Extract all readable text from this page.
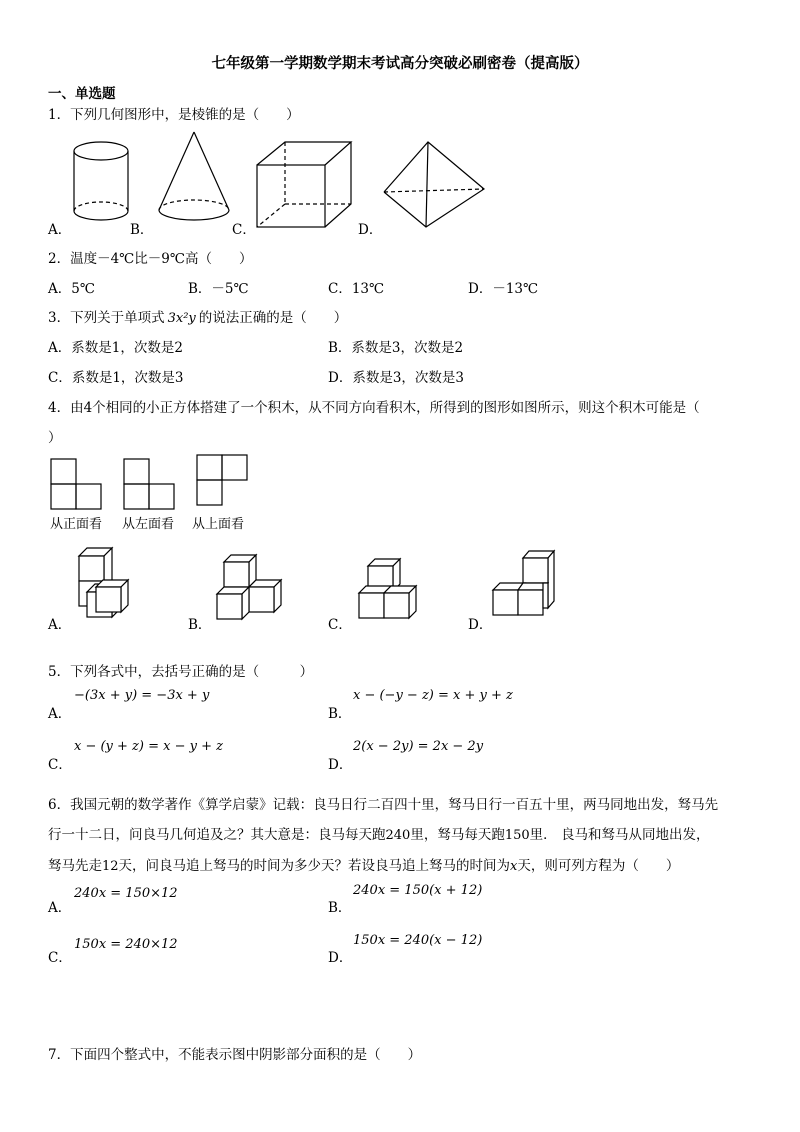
七年级第一学期数学期末考试高分突破必刷密卷（提高版）
一、单选题
1．下列几何图形中，是棱锥的是（　　）
A．	B．	C．	D．
2．温度－4℃比－9℃高（　　）
A．5℃	B．－5℃	C．13℃	D．－13℃
3．下列关于单项式 3x²y 的说法正确的是（　　）
A．系数是1，次数是2	B．系数是3，次数是2
C．系数是1，次数是3	D．系数是3，次数是3
4．由4个相同的小正方体搭建了一个积木，从不同方向看积木，所得到的图形如图所示，则这个积木可能是（
）
从正面看 从左面看 从上面看
A．	B．	C．	D．
5．下列各式中，去括号正确的是（　　　）
A．
−(3x + y) = −3x + y
B．
x − (−y − z) = x + y + z
C．
x − (y + z) = x − y + z
D．
2(x − 2y) = 2x − 2y
6．我国元朝的数学著作《算学启蒙》记载：良马日行二百四十里，驽马日行一百五十里，两马同地出发，驽马先
行一十二日，问良马几何追及之？其大意是：良马每天跑240里，驽马每天跑150里． 良马和驽马从同地出发，
驽马先走12天，问良马追上驽马的时间为多少天？若设良马追上驽马的时间为x天，则可列方程为（　　）
A．
240x = 150×12
B．
240x = 150(x + 12)
C．
150x = 240×12
D．
150x = 240(x − 12)
7．下面四个整式中，不能表示图中阴影部分面积的是（　　）
